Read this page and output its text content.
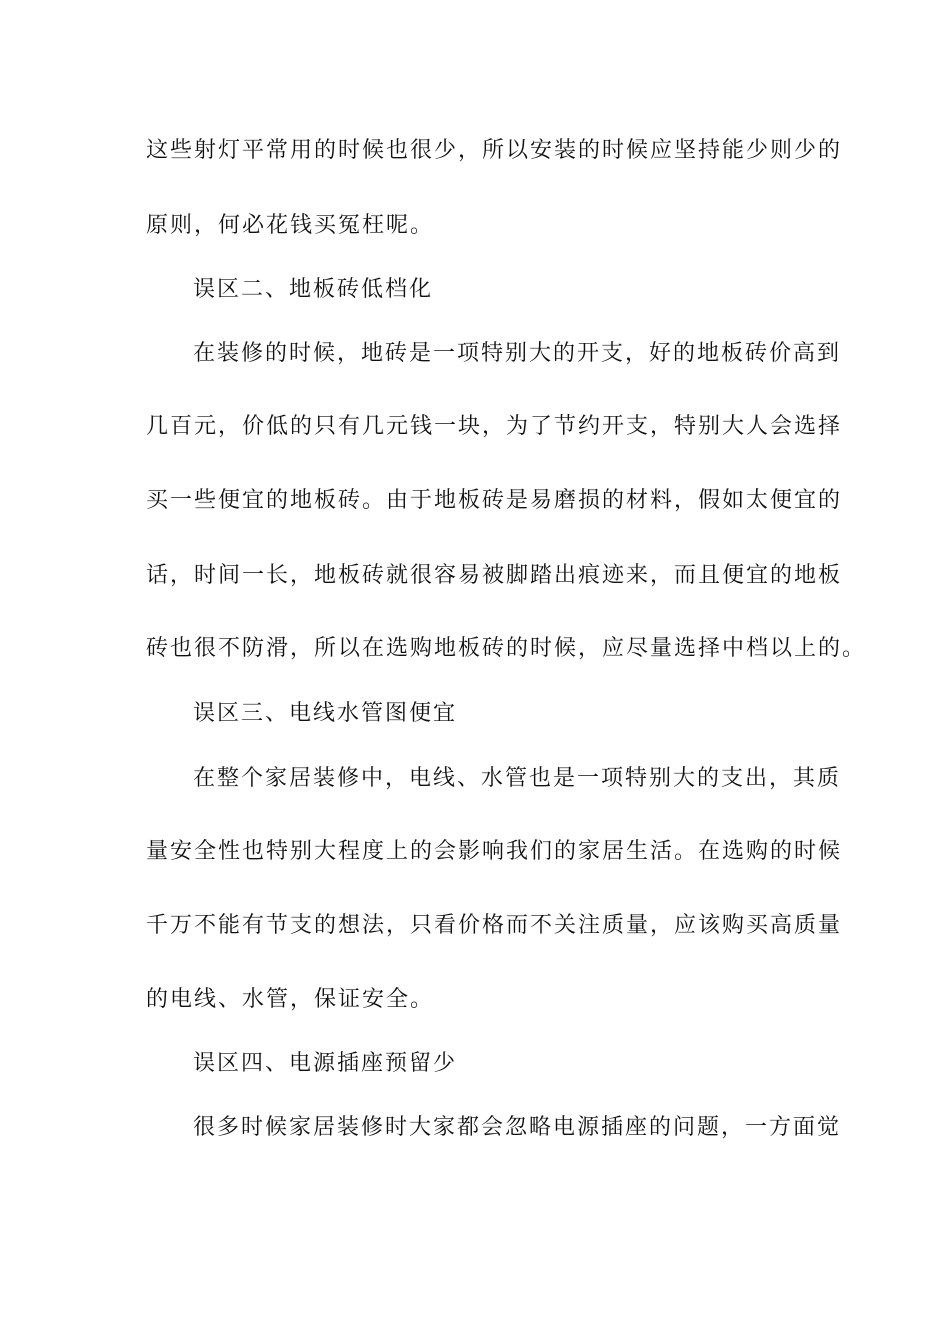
这些射灯平常用的时候也很少，所以安装的时候应坚持能少则少的
原则，何必花钱买冤枉呢。
误区二、地板砖低档化
在装修的时候，地砖是一项特别大的开支，好的地板砖价高到
几百元，价低的只有几元钱一块，为了节约开支，特别大人会选择
买一些便宜的地板砖。由于地板砖是易磨损的材料，假如太便宜的
话，时间一长，地板砖就很容易被脚踏出痕迹来，而且便宜的地板
砖也很不防滑，所以在选购地板砖的时候，应尽量选择中档以上的。
误区三、电线水管图便宜
在整个家居装修中，电线、水管也是一项特别大的支出，其质
量安全性也特别大程度上的会影响我们的家居生活。在选购的时候
千万不能有节支的想法，只看价格而不关注质量，应该购买高质量
的电线、水管，保证安全。
误区四、电源插座预留少
很多时候家居装修时大家都会忽略电源插座的问题，一方面觉
